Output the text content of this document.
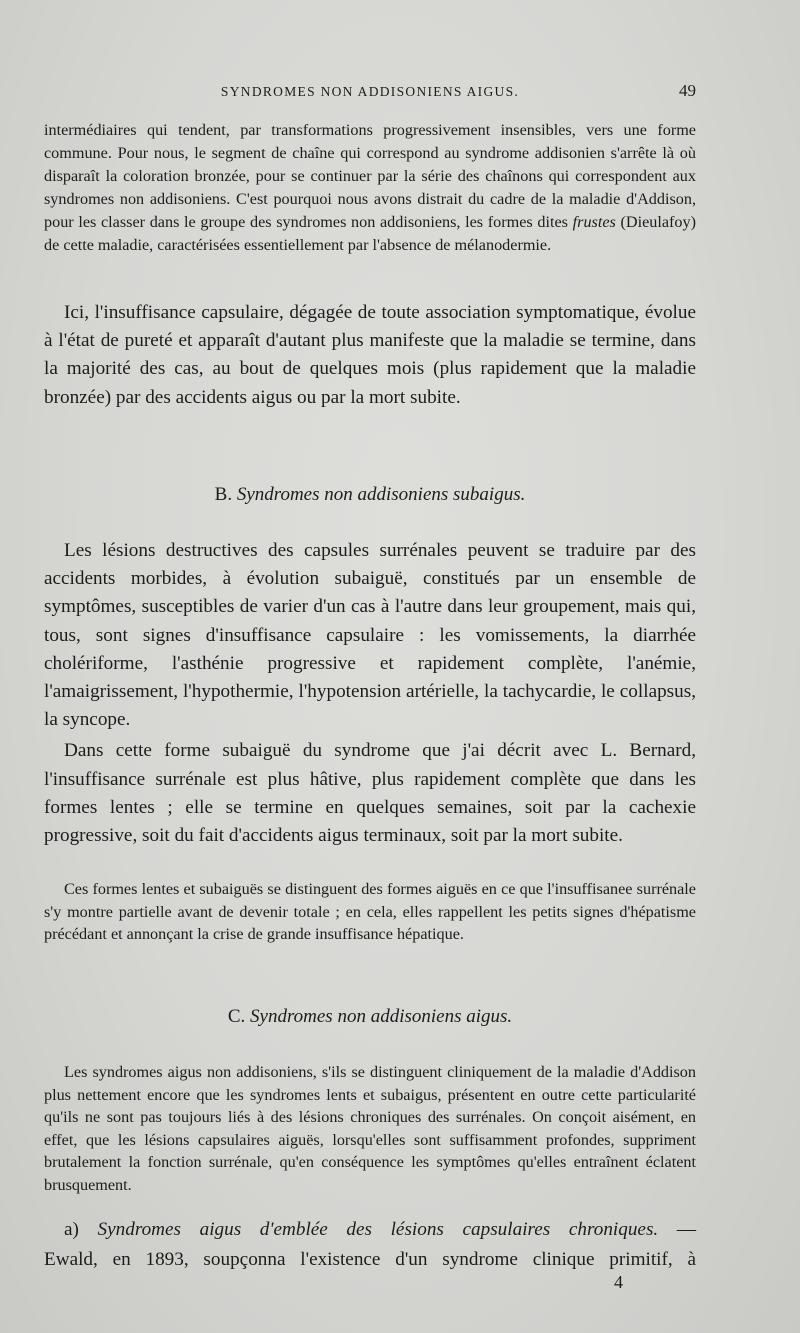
SYNDROMES NON ADDISONIENS AIGUS.	49

intermédiaires qui tendent, par transformations progressivement insensibles, vers une forme commune. Pour nous, le segment de chaîne qui correspond au syndrome addisonien s'arrête là où disparaît la coloration bronzée, pour se continuer par la série des chaînons qui correspondent aux syndromes non addisoniens. C'est pourquoi nous avons distrait du cadre de la maladie d'Addison, pour les classer dans le groupe des syndromes non addisoniens, les formes dites frustes (Dieulafoy) de cette maladie, caractérisées essentiellement par l'absence de mélanodermie.

Ici, l'insuffisance capsulaire, dégagée de toute association symptomatique, évolue à l'état de pureté et apparaît d'autant plus manifeste que la maladie se termine, dans la majorité des cas, au bout de quelques mois (plus rapidement que la maladie bronzée) par des accidents aigus ou par la mort subite.

B. Syndromes non addisoniens subaigus.

Les lésions destructives des capsules surrénales peuvent se traduire par des accidents morbides, à évolution subaiguë, constitués par un ensemble de symptômes, susceptibles de varier d'un cas à l'autre dans leur groupement, mais qui, tous, sont signes d'insuffisance capsulaire : les vomissements, la diarrhée cholériforme, l'asthénie progressive et rapidement complète, l'anémie, l'amaigrissement, l'hypothermie, l'hypotension artérielle, la tachycardie, le collapsus, la syncope.

Dans cette forme subaiguë du syndrome que j'ai décrit avec L. Bernard, l'insuffisance surrénale est plus hâtive, plus rapidement complète que dans les formes lentes ; elle se termine en quelques semaines, soit par la cachexie progressive, soit du fait d'accidents aigus terminaux, soit par la mort subite.

Ces formes lentes et subaiguës se distinguent des formes aiguës en ce que l'insuffisanee surrénale s'y montre partielle avant de devenir totale ; en cela, elles rappellent les petits signes d'hépatisme précédant et annonçant la crise de grande insuffisance hépatique.

C. Syndromes non addisoniens aigus.

Les syndromes aigus non addisoniens, s'ils se distinguent cliniquement de la maladie d'Addison plus nettement encore que les syndromes lents et subaigus, présentent en outre cette particularité qu'ils ne sont pas toujours liés à des lésions chroniques des surrénales. On conçoit aisément, en effet, que les lésions capsulaires aiguës, lorsqu'elles sont suffisamment profondes, suppriment brutalement la fonction surrénale, qu'en conséquence les symptômes qu'elles entraînent éclatent brusquement.

a) Syndromes aigus d'emblée des lésions capsulaires chroniques. —

Ewald, en 1893, soupçonna l'existence d'un syndrome clinique primitif, à

4
